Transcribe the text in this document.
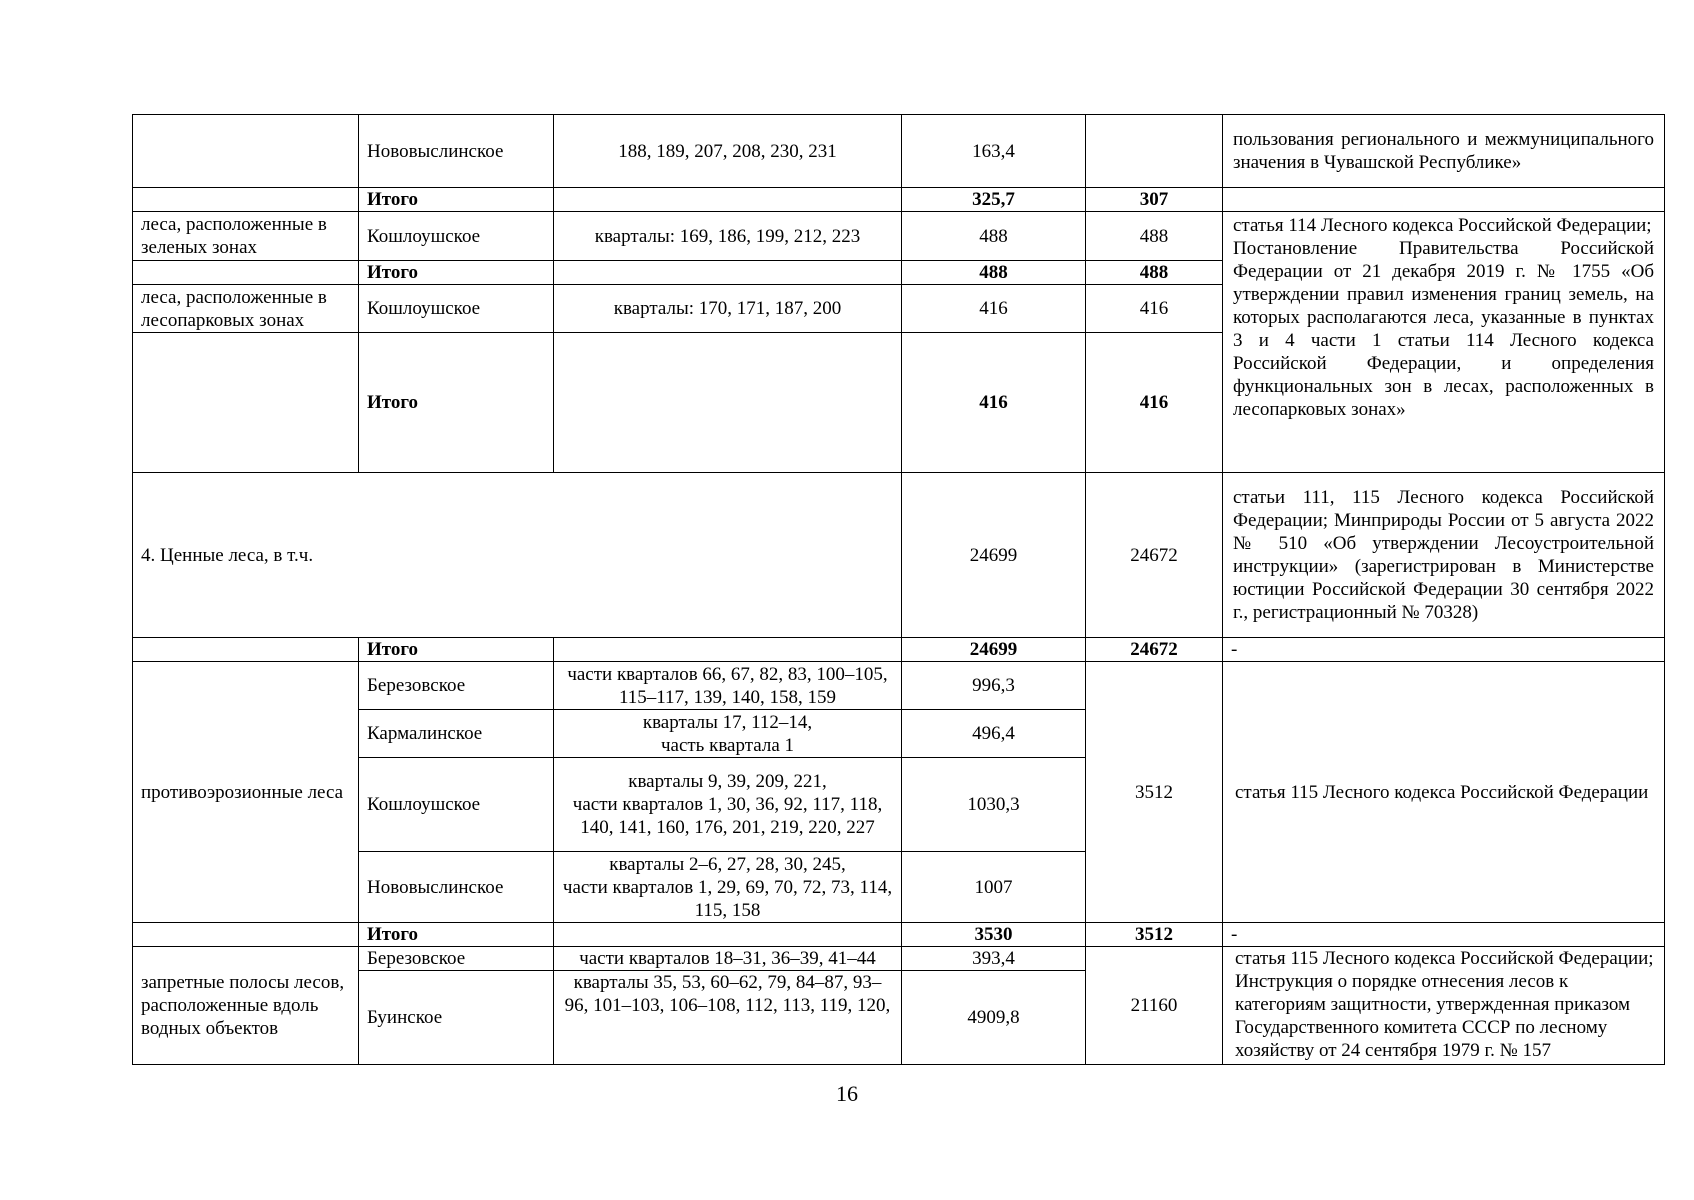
	Нововыслинское	188, 189, 207, 208, 230, 231	163,4		пользования регионального и межмуниципального значения в Чувашской Республике»
	Итого		325,7	307	
леса, расположенные в зеленых зонах	Кошлоушское	кварталы: 169, 186, 199, 212, 223	488	488	статья 114 Лесного кодекса Российской Федерации;
Постановление Правительства Российской Федерации от 21 декабря 2019 г. № 1755 «Об утверждении правил изменения границ земель, на которых располагаются леса, указанные в пунктах 3 и 4 части 1 статьи 114 Лесного кодекса Российской Федерации, и определения функциональных зон в лесах, расположенных в лесопарковых зонах»
	Итого		488	488	
леса, расположенные в лесопарковых зонах	Кошлоушское	кварталы: 170, 171, 187, 200	416	416	
	Итого		416	416	
4. Ценные леса, в т.ч.			24699	24672	статьи 111, 115 Лесного кодекса Российской Федерации; Минприроды России от 5 августа 2022 № 510 «Об утверждении Лесоустроительной инструкции» (зарегистрирован в Министерстве юстиции Российской Федерации 30 сентября 2022 г., регистрационный № 70328)
	Итого		24699	24672	-
противоэрозионные леса	Березовское	части кварталов 66, 67, 82, 83, 100–105, 115–117, 139, 140, 158, 159	996,3	3512	статья 115 Лесного кодекса Российской Федерации
	Кармалинское	кварталы 17, 112–14,
часть квартала 1	496,4		
	Кошлоушское	кварталы 9, 39, 209, 221,
части кварталов 1, 30, 36, 92, 117, 118, 140, 141, 160, 176, 201, 219, 220, 227	1030,3		
	Нововыслинское	кварталы 2–6, 27, 28, 30, 245,
части кварталов 1, 29, 69, 70, 72, 73, 114, 115, 158	1007		
	Итого		3530	3512	-
запретные полосы лесов, расположенные вдоль водных объектов	Березовское	части кварталов 18–31, 36–39, 41–44	393,4	21160	статья 115 Лесного кодекса Российской Федерации; Инструкция о порядке отнесения лесов к категориям защитности, утвержденная приказом Государственного комитета СССР по лесному хозяйству от 24 сентября 1979 г. № 157
	Буинское	кварталы 35, 53, 60–62, 79, 84–87, 93–96, 101–103, 106–108, 112, 113, 119, 120,	4909,8		
16
